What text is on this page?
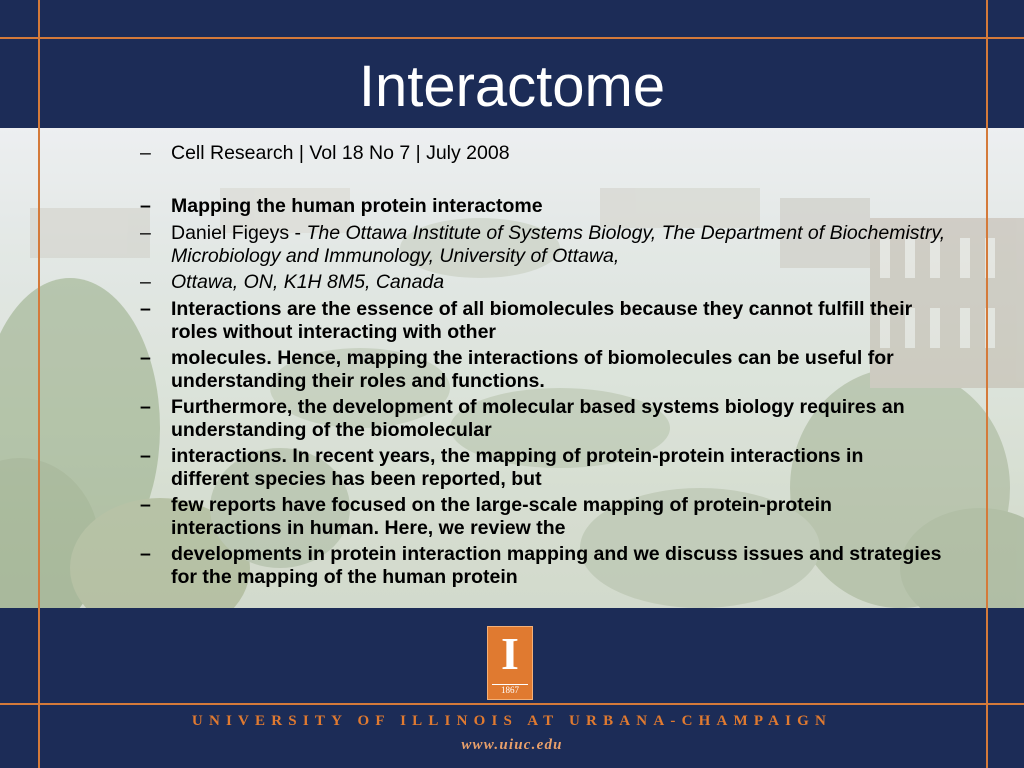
Interactome
–	Cell Research | Vol 18 No 7 | July 2008
–	Mapping the human protein interactome
–	Daniel Figeys - The Ottawa Institute of Systems Biology, The Department of Biochemistry, Microbiology and Immunology, University of Ottawa,
–	Ottawa, ON, K1H 8M5, Canada
–	Interactions are the essence of all biomolecules because they cannot fulfill their roles without interacting with other
–	molecules. Hence, mapping the interactions of biomolecules can be useful for understanding their roles and functions.
–	Furthermore, the development of molecular based systems biology requires an understanding of the biomolecular
–	interactions. In recent years, the mapping of protein-protein interactions in different species has been reported, but
–	few reports have focused on the large-scale mapping of protein-protein interactions in human. Here, we review the
–	developments in protein interaction mapping and we discuss issues and strategies for the mapping of the human protein
I
1867
UNIVERSITY OF ILLINOIS AT URBANA-CHAMPAIGN
www.uiuc.edu
